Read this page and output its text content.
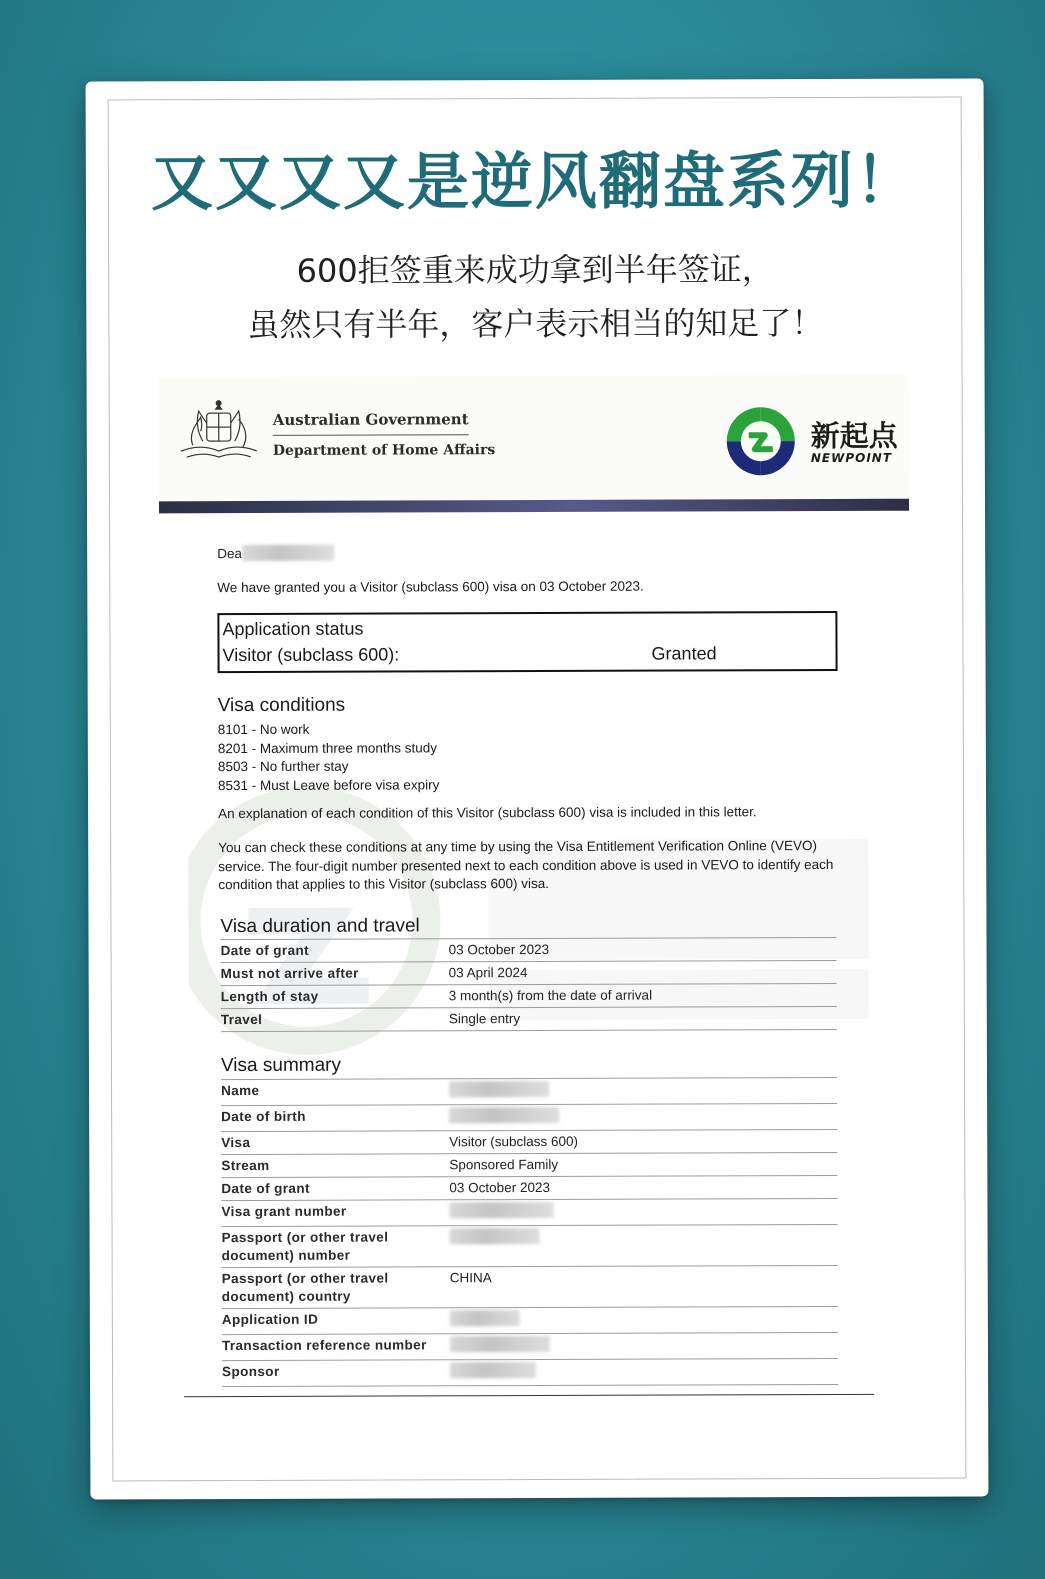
又又又又是逆风翻盘系列！
600拒签重来成功拿到半年签证，
虽然只有半年，客户表示相当的知足了！
Australian Government
Department of Home Affairs	新起点
NEWPOINT
Dea
We have granted you a Visitor (subclass 600) visa on 03 October 2023.
Application status
Visitor (subclass 600):	Granted
Visa conditions
8101 - No work
8201 - Maximum three months study
8503 - No further stay
8531 - Must Leave before visa expiry
An explanation of each condition of this Visitor (subclass 600) visa is included in this letter.
You can check these conditions at any time by using the Visa Entitlement Verification Online (VEVO) service. The four-digit number presented next to each condition above is used in VEVO to identify each condition that applies to this Visitor (subclass 600) visa.
Visa duration and travel
Date of grant	03 October 2023
Must not arrive after	03 April 2024
Length of stay	3 month(s) from the date of arrival
Travel	Single entry
Visa summary
Name	
Date of birth	
Visa	Visitor (subclass 600)
Stream	Sponsored Family
Date of grant	03 October 2023
Visa grant number	
Passport (or other travel document) number	
Passport (or other travel document) country	CHINA
Application ID	
Transaction reference number	
Sponsor	
